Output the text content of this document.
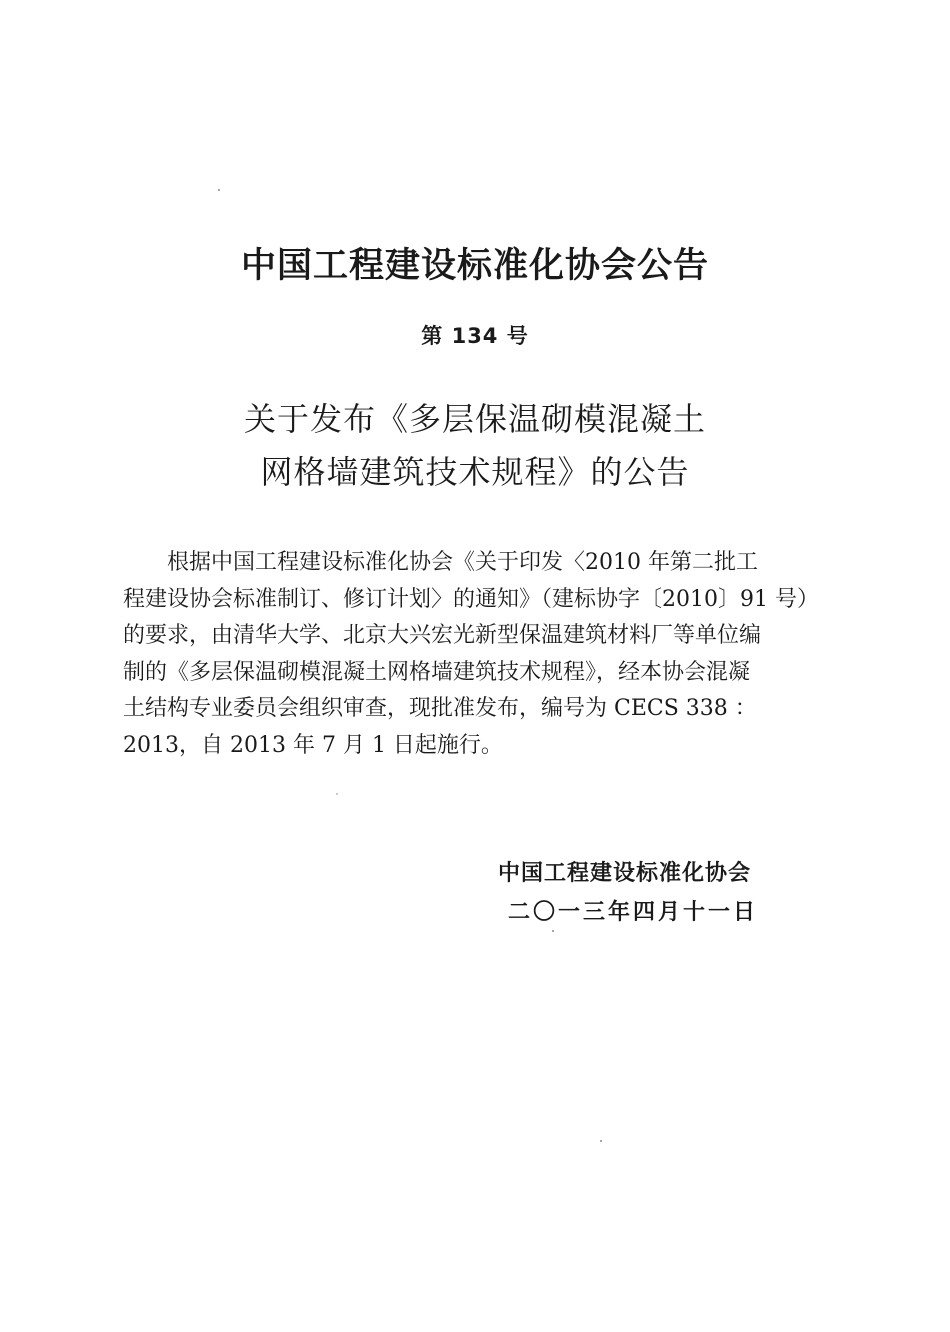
中国工程建设标准化协会公告
第 134 号
关于发布《多层保温砌模混凝土
网格墙建筑技术规程》的公告
根据中国工程建设标准化协会《关于印发〈2010 年第二批工
程建设协会标准制订、修订计划〉的通知》（建标协字〔2010〕91 号）
的要求，由清华大学、北京大兴宏光新型保温建筑材料厂等单位编
制的《多层保温砌模混凝土网格墙建筑技术规程》，经本协会混凝
土结构专业委员会组织审查，现批准发布，编号为 CECS 338 ：
2013，自 2013 年 7 月 1 日起施行。
中国工程建设标准化协会
二〇一三年四月十一日
